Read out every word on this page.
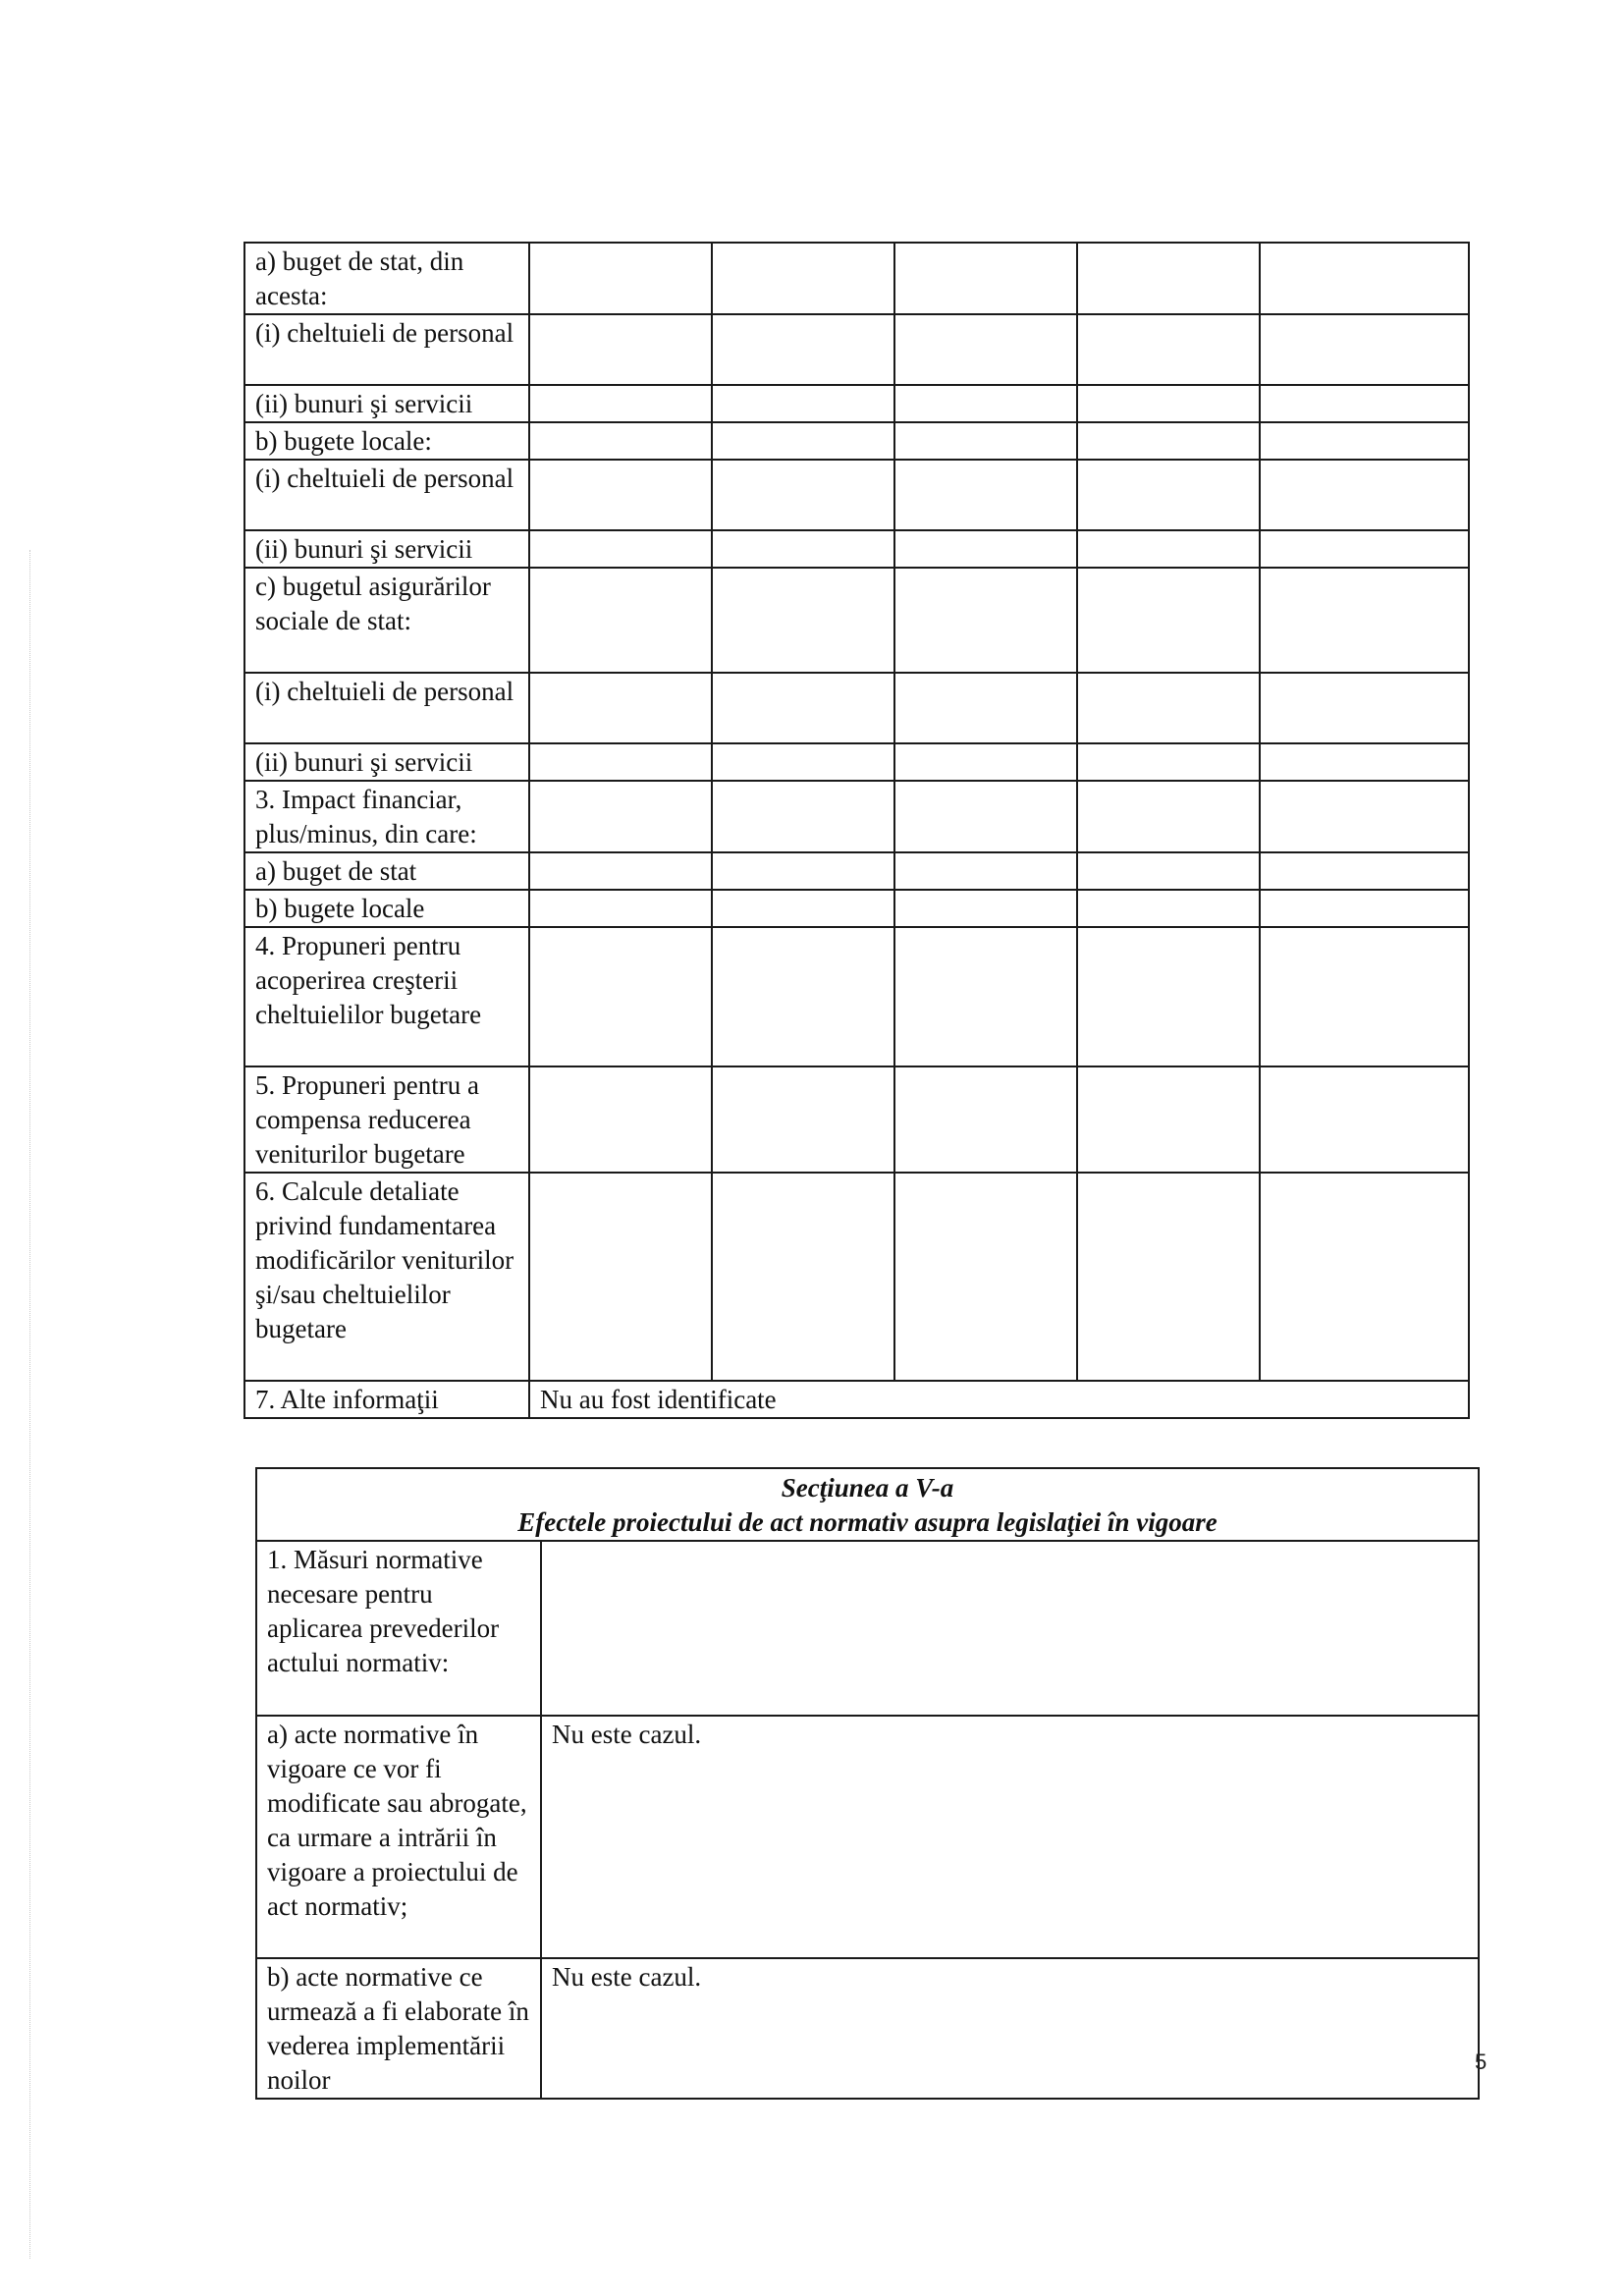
a) buget de stat, din acesta:					
(i) cheltuieli de personal					
(ii) bunuri şi servicii					
b) bugete locale:					
(i) cheltuieli de personal					
(ii) bunuri şi servicii					
c) bugetul asigurărilor sociale de stat:					
(i) cheltuieli de personal					
(ii) bunuri şi servicii					
3. Impact financiar, plus/minus, din care:					
a) buget de stat					
b) bugete locale					
4. Propuneri pentru acoperirea creşterii cheltuielilor bugetare					
5. Propuneri pentru a compensa reducerea veniturilor bugetare					
6. Calcule detaliate privind fundamentarea modificărilor veniturilor şi/sau cheltuielilor bugetare					
7. Alte informaţii	Nu au fost identificate				
Secţiunea a V-a
Efectele proiectului de act normativ asupra legislaţiei în vigoare	

1. Măsuri normative necesare pentru aplicarea prevederilor actului normativ:	
a) acte normative în vigoare ce vor fi modificate sau abrogate, ca urmare a intrării în vigoare a proiectului de act normativ;	Nu este cazul.
b) acte normative ce urmează a fi elaborate în vederea implementării noilor	Nu este cazul.
5
